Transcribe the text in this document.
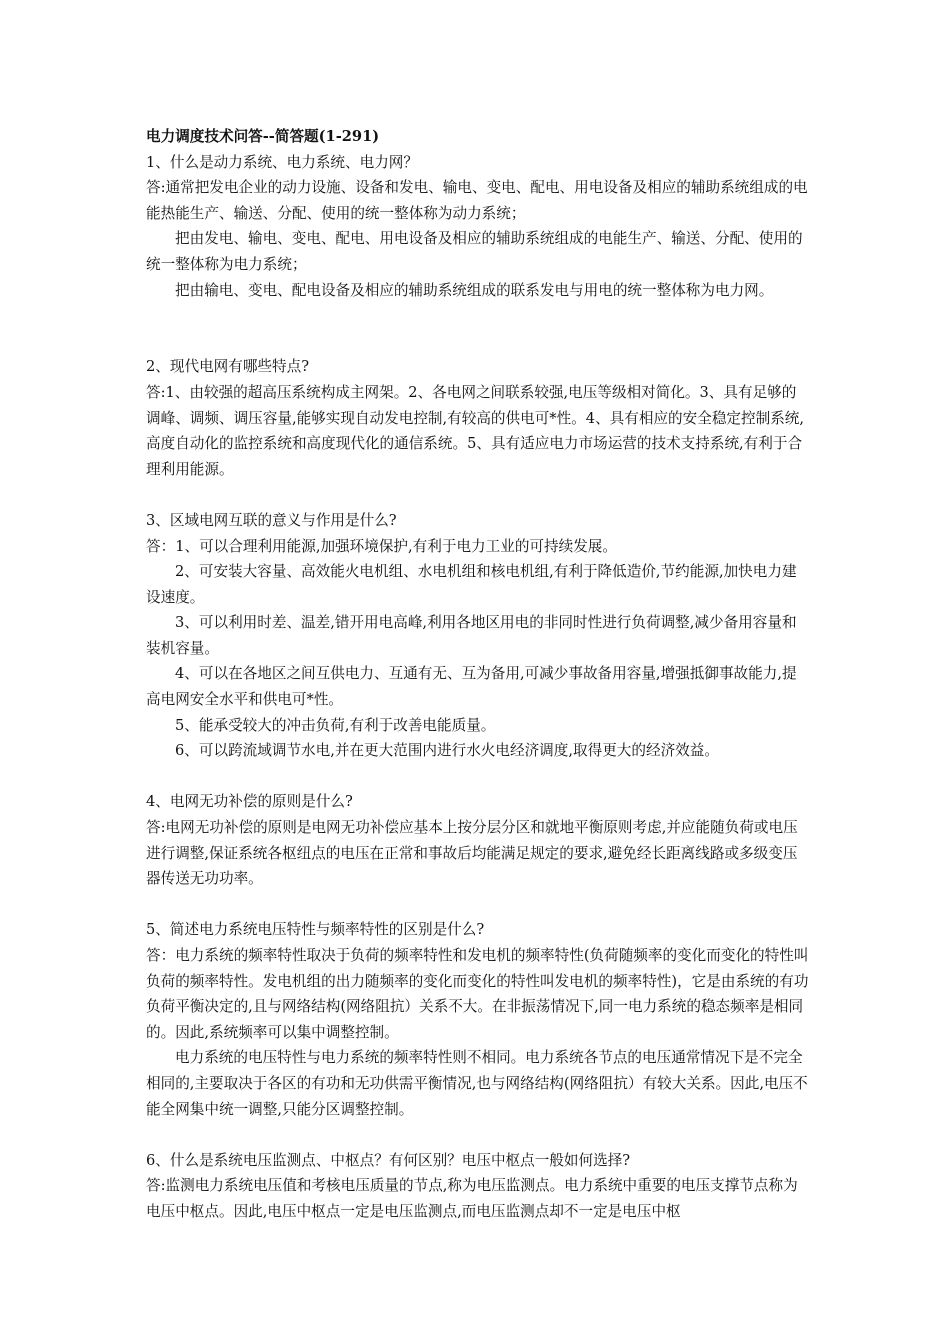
电力调度技术问答--简答题(1-291)

1、什么是动力系统、电力系统、电力网？

答:通常把发电企业的动力设施、设备和发电、输电、变电、配电、用电设备及相应的辅助系统组成的电能热能生产、输送、分配、使用的统一整体称为动力系统；

把由发电、输电、变电、配电、用电设备及相应的辅助系统组成的电能生产、输送、分配、使用的统一整体称为电力系统；

把由输电、变电、配电设备及相应的辅助系统组成的联系发电与用电的统一整体称为电力网。

2、现代电网有哪些特点?

答:1、由较强的超高压系统构成主网架。2、各电网之间联系较强,电压等级相对简化。3、具有足够的调峰、调频、调压容量,能够实现自动发电控制,有较高的供电可*性。4、具有相应的安全稳定控制系统,高度自动化的监控系统和高度现代化的通信系统。5、具有适应电力市场运营的技术支持系统,有利于合理利用能源。

3、区域电网互联的意义与作用是什么?

答：1、可以合理利用能源,加强环境保护,有利于电力工业的可持续发展。

2、可安装大容量、高效能火电机组、水电机组和核电机组,有利于降低造价,节约能源,加快电力建设速度。

3、可以利用时差、温差,错开用电高峰,利用各地区用电的非同时性进行负荷调整,减少备用容量和装机容量。

4、可以在各地区之间互供电力、互通有无、互为备用,可减少事故备用容量,增强抵御事故能力,提高电网安全水平和供电可*性。

5、能承受较大的冲击负荷,有利于改善电能质量。

6、可以跨流域调节水电,并在更大范围内进行水火电经济调度,取得更大的经济效益。

4、电网无功补偿的原则是什么?

答:电网无功补偿的原则是电网无功补偿应基本上按分层分区和就地平衡原则考虑,并应能随负荷或电压进行调整,保证系统各枢纽点的电压在正常和事故后均能满足规定的要求,避免经长距离线路或多级变压器传送无功功率。

5、简述电力系统电压特性与频率特性的区别是什么?

答：电力系统的频率特性取决于负荷的频率特性和发电机的频率特性(负荷随频率的变化而变化的特性叫负荷的频率特性。发电机组的出力随频率的变化而变化的特性叫发电机的频率特性)，它是由系统的有功负荷平衡决定的,且与网络结构(网络阻抗）关系不大。在非振荡情况下,同一电力系统的稳态频率是相同的。因此,系统频率可以集中调整控制。

电力系统的电压特性与电力系统的频率特性则不相同。电力系统各节点的电压通常情况下是不完全相同的,主要取决于各区的有功和无功供需平衡情况,也与网络结构(网络阻抗）有较大关系。因此,电压不能全网集中统一调整,只能分区调整控制。

6、什么是系统电压监测点、中枢点？有何区别？电压中枢点一般如何选择?

答:监测电力系统电压值和考核电压质量的节点,称为电压监测点。电力系统中重要的电压支撑节点称为电压中枢点。因此,电压中枢点一定是电压监测点,而电压监测点却不一定是电压中枢
